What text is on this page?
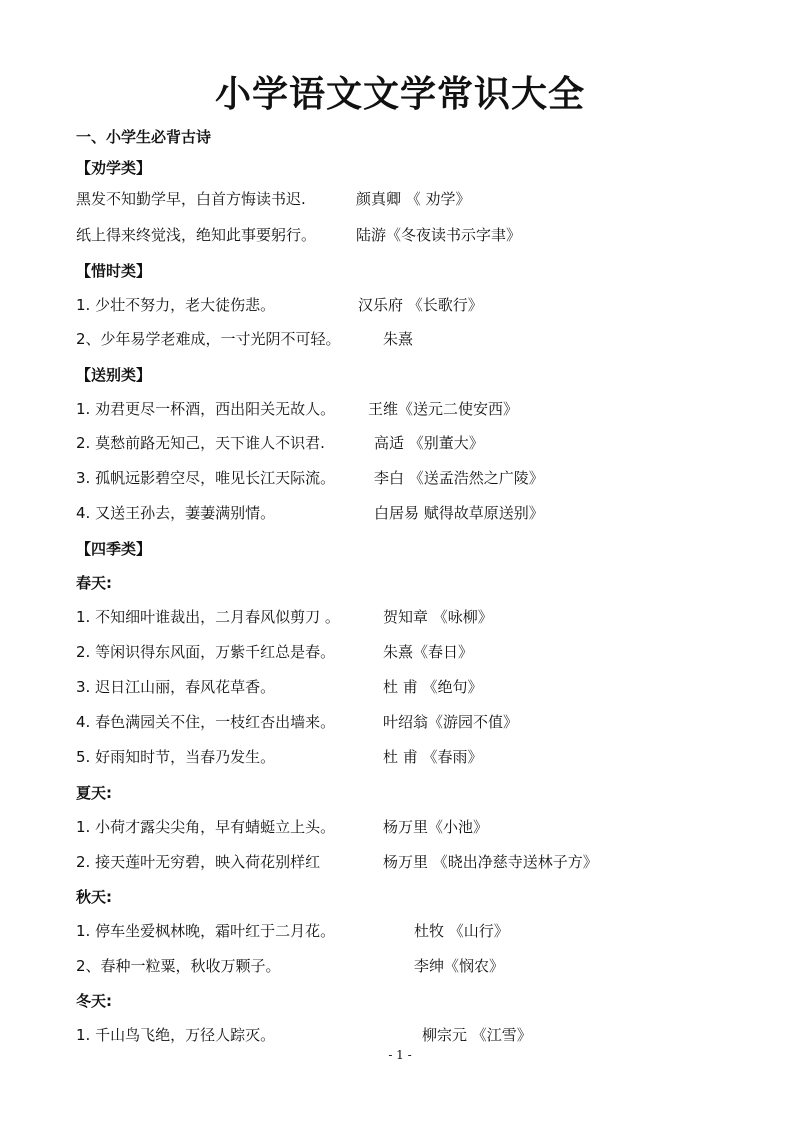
小学语文文学常识大全
一、小学生必背古诗
【劝学类】
黑发不知勤学早，白首方悔读书迟.	颜真卿 《 劝学》
纸上得来终觉浅，绝知此事要躬行。	陆游《冬夜读书示字聿》
【惜时类】
1. 少壮不努力，老大徒伤悲。	汉乐府 《长歌行》
2、少年易学老难成，一寸光阴不可轻。	朱熹
【送别类】
1. 劝君更尽一杯酒，西出阳关无故人。 王维《送元二使安西》
2. 莫愁前路无知己，天下谁人不识君.	高适 《别董大》
3. 孤帆远影碧空尽，唯见长江天际流。	李白 《送孟浩然之广陵》
4. 又送王孙去，萋萋满别情。	白居易 赋得故草原送别》
【四季类】
春天:
1. 不知细叶谁裁出，二月春风似剪刀 。	贺知章 《咏柳》
2. 等闲识得东风面，万紫千红总是春。	朱熹《春日》
3. 迟日江山丽，春风花草香。	杜 甫 《绝句》
4. 春色满园关不住，一枝红杏出墙来。	叶绍翁《游园不值》
5. 好雨知时节，当春乃发生。	杜 甫 《春雨》
夏天:
1. 小荷才露尖尖角，早有蜻蜓立上头。	杨万里《小池》
2. 接天莲叶无穷碧，映入荷花别样红	杨万里 《晓出净慈寺送林子方》
秋天:
1. 停车坐爱枫林晚，霜叶红于二月花。	杜牧 《山行》
2、春种一粒粟，秋收万颗子。	李绅《悯农》
冬天:
1. 千山鸟飞绝，万径人踪灭。	柳宗元 《江雪》
- 1 -
